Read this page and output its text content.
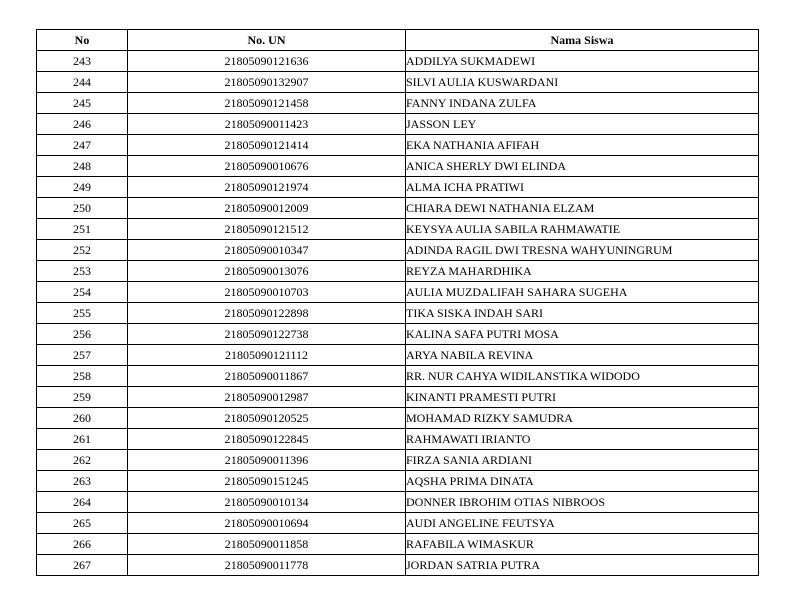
No	No. UN	Nama Siswa
243	21805090121636	ADDILYA SUKMADEWI
244	21805090132907	SILVI AULIA KUSWARDANI
245	21805090121458	FANNY INDANA ZULFA
246	21805090011423	JASSON LEY
247	21805090121414	EKA NATHANIA AFIFAH
248	21805090010676	ANICA SHERLY DWI ELINDA
249	21805090121974	ALMA ICHA PRATIWI
250	21805090012009	CHIARA DEWI NATHANIA ELZAM
251	21805090121512	KEYSYA AULIA SABILA RAHMAWATIE
252	21805090010347	ADINDA RAGIL DWI TRESNA WAHYUNINGRUM
253	21805090013076	REYZA MAHARDHIKA
254	21805090010703	AULIA MUZDALIFAH SAHARA SUGEHA
255	21805090122898	TIKA SISKA INDAH SARI
256	21805090122738	KALINA SAFA PUTRI MOSA
257	21805090121112	ARYA NABILA REVINA
258	21805090011867	RR. NUR CAHYA WIDILANSTIKA WIDODO
259	21805090012987	KINANTI PRAMESTI PUTRI
260	21805090120525	MOHAMAD RIZKY SAMUDRA
261	21805090122845	RAHMAWATI IRIANTO
262	21805090011396	FIRZA SANIA ARDIANI
263	21805090151245	AQSHA PRIMA DINATA
264	21805090010134	DONNER IBROHIM OTIAS NIBROOS
265	21805090010694	AUDI ANGELINE FEUTSYA
266	21805090011858	RAFABILA WIMASKUR
267	21805090011778	JORDAN SATRIA PUTRA
